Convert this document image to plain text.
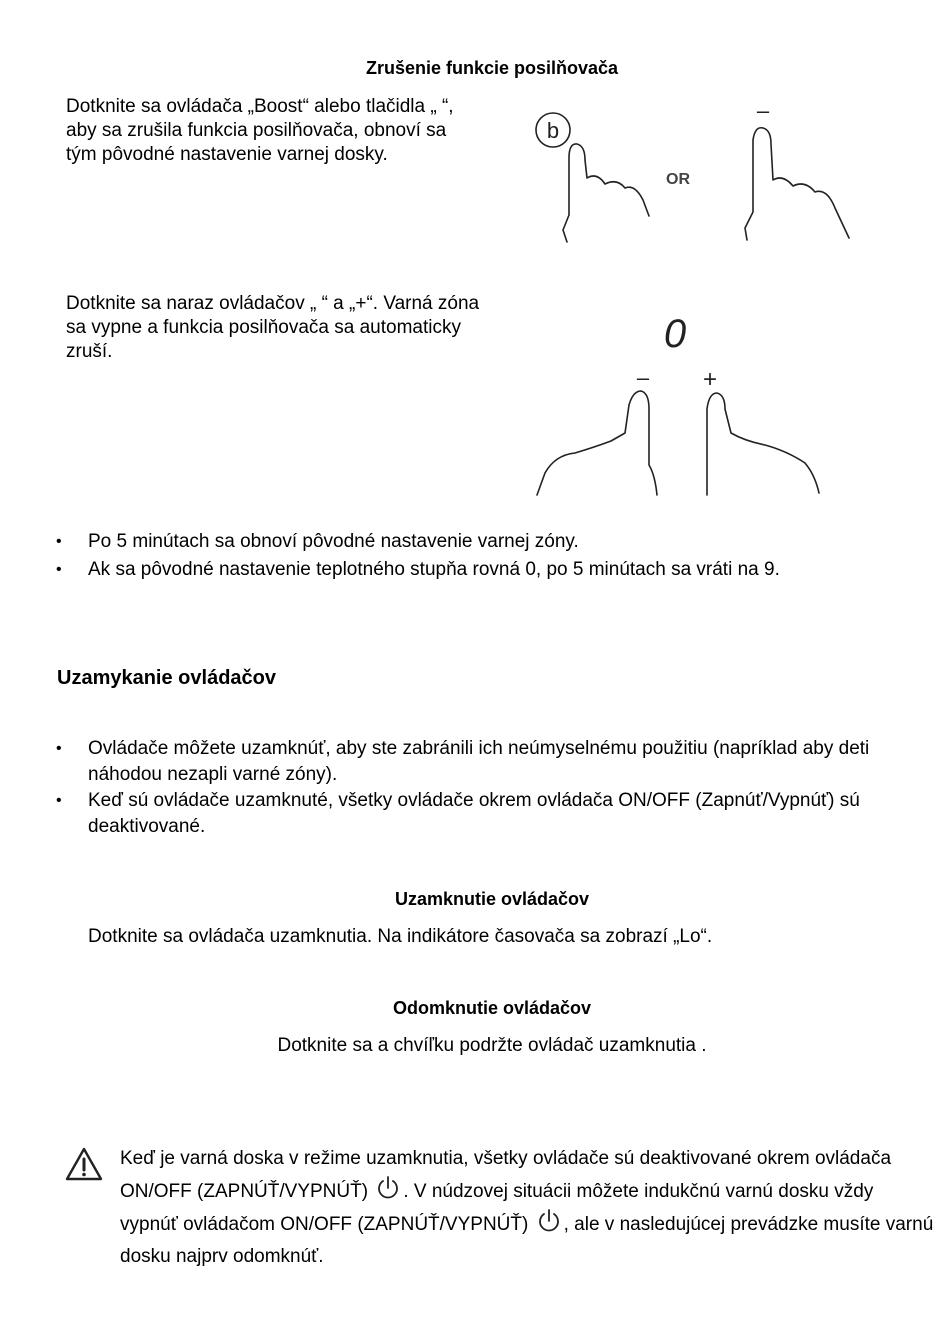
Zrušenie funkcie posilňovača
Dotknite sa ovládača „Boost“ alebo tlačidla „ “, aby sa zrušila funkcia posilňovača, obnoví sa tým pôvodné nastavenie varnej dosky.
b
OR
–
Dotknite sa naraz ovládačov „ “ a „+“. Varná zóna sa vypne a funkcia posilňovača sa automaticky zruší.	0
– +
• Po 5 minútach sa obnoví pôvodné nastavenie varnej zóny.
• Ak sa pôvodné nastavenie teplotného stupňa rovná 0, po 5 minútach sa vráti na 9.
Uzamykanie ovládačov
• Ovládače môžete uzamknúť, aby ste zabránili ich neúmyselnému použitiu (napríklad aby deti náhodou nezapli varné zóny).
• Keď sú ovládače uzamknuté, všetky ovládače okrem ovládača ON/OFF (Zapnúť/Vypnúť) sú deaktivované.
Uzamknutie ovládačov
Dotknite sa ovládača uzamknutia. Na indikátore časovača sa zobrazí „Lo“.
Odomknutie ovládačov
Dotknite sa a chvíľku podržte ovládač uzamknutia .
Keď je varná doska v režime uzamknutia, všetky ovládače sú deaktivované okrem ovládača ON/OFF (ZAPNÚŤ/VYPNÚŤ) . V núdzovej situácii môžete indukčnú varnú dosku vždy vypnúť ovládačom ON/OFF (ZAPNÚŤ/VYPNÚŤ) , ale v nasledujúcej prevádzke musíte varnú dosku najprv odomknúť.
